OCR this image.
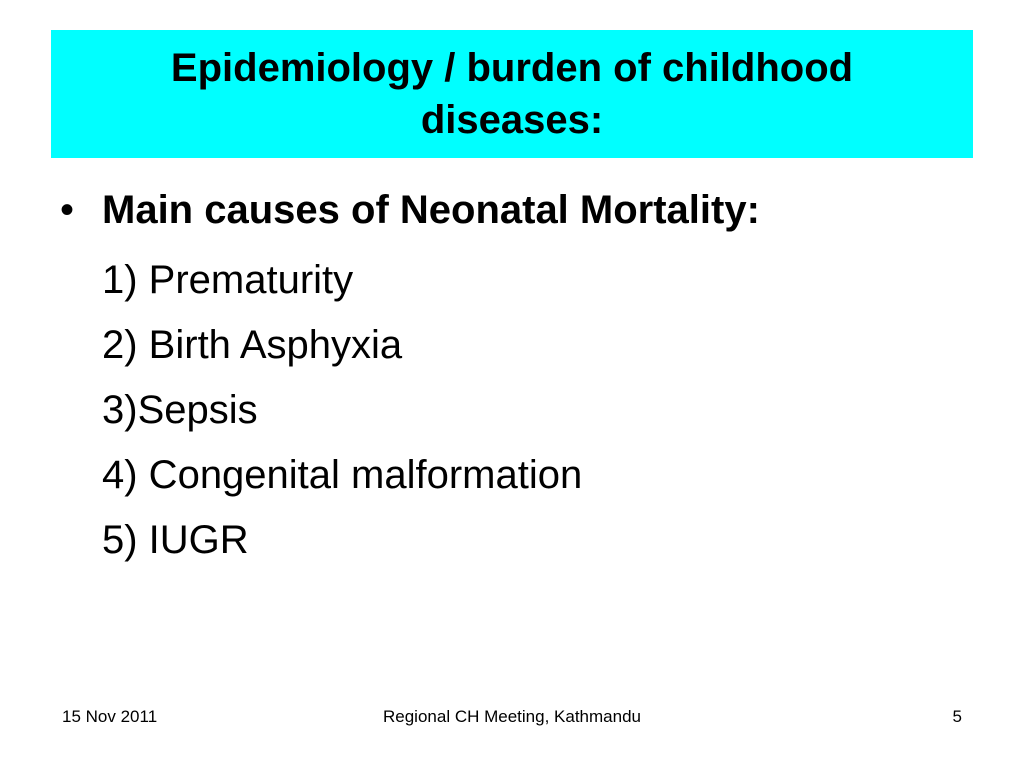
Epidemiology / burden of childhood
diseases:
• Main causes of Neonatal Mortality:
1) Prematurity
2) Birth Asphyxia
3)Sepsis
4) Congenital malformation
5) IUGR
15 Nov 2011	Regional CH Meeting, Kathmandu	5
